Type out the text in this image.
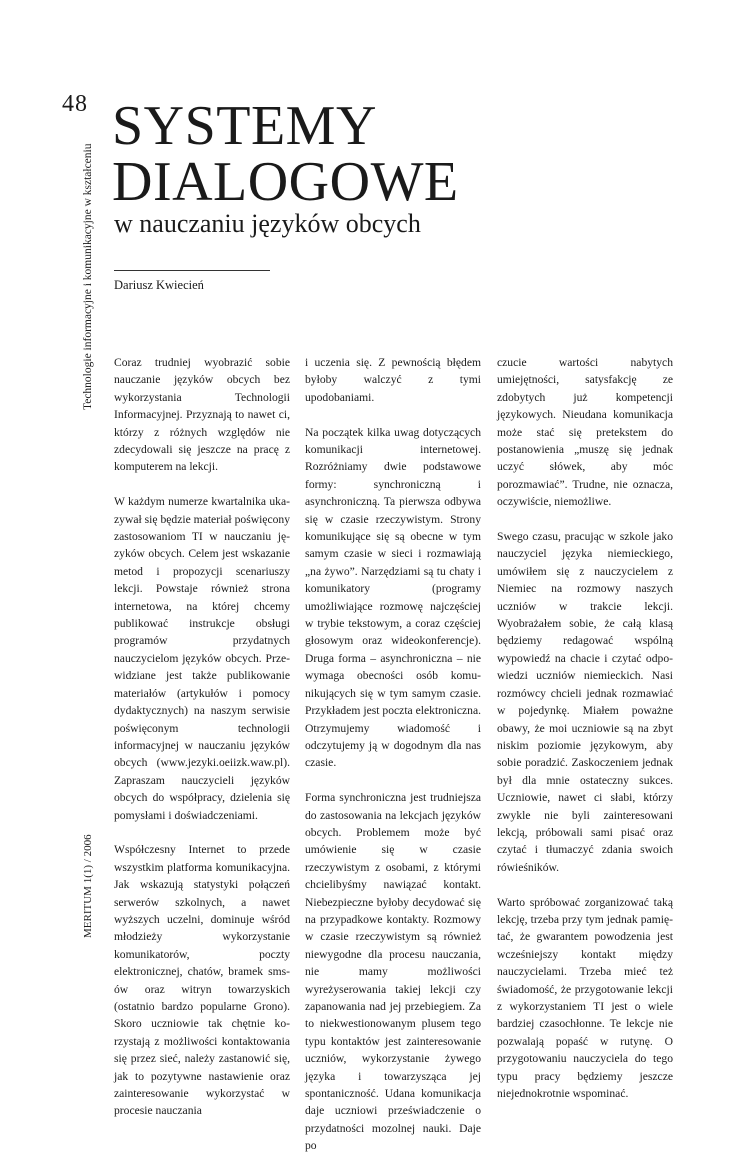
48
Technologie informacyjne i komunikacyjne w kształceniu
MERITUM 1(1) / 2006
SYSTEMY
DIALOGOWE
w nauczaniu języków obcych
Dariusz Kwiecień

Coraz trudniej wyobrazić sobie nauczanie języków obcych bez wykorzystania Technologii Informacyjnej. Przyznają to nawet ci, którzy z różnych względów nie zdecydowali się jeszcze na pracę z komputerem na lekcji.

W każdym numerze kwartalnika ukazywał się będzie materiał poświęcony zastosowaniom TI w nauczaniu języków obcych. Celem jest wskazanie metod i propozycji scenariuszy lekcji. Powstaje również strona internetowa, na której chcemy publikować instrukcje obsługi programów przydatnych nauczycielom języków obcych. Przewidziane jest także publikowanie materiałów (artykułów i pomocy dydaktycznych) na naszym serwisie poświęconym technologii informacyjnej w nauczaniu języków obcych (www.jezyki.oeiizk.waw.pl). Zapraszam nauczycieli języków obcych do współpracy, dzielenia się pomysłami i doświadczeniami.

Współczesny Internet to przede wszystkim platforma komunikacyjna. Jak wskazują statystyki połączeń serwerów szkolnych, a nawet wyższych uczelni, dominuje wśród młodzieży wykorzystanie komunikatorów, poczty elektronicznej, chatów, bramek sms-ów oraz witryn towarzyskich (ostatnio bardzo popularne Grono). Skoro uczniowie tak chętnie korzystają z możliwości kontaktowania się przez sieć, należy zastanowić się, jak to pozytywne nastawienie oraz zainteresоwanie wykorzystać w procesie nauczania

i uczenia się. Z pewnością błędem byłoby walczyć z tymi upodobaniami.

Na początek kilka uwag dotyczących komunikacji internetowej. Rozróżniamy dwie podstawowe formy: synchroniczną i asynchroniczną. Ta pierwsza odbywa się w czasie rzeczywistym. Strony komunikujące się są obecne w tym samym czasie w sieci i rozmawiają „na żywo”. Narzędziami są tu chaty i komunikatory (programy umożliwiające rozmowę najczęściej w trybie tekstowym, a coraz częściej głosowym oraz wideokonferencje). Druga forma – asynchroniczna – nie wymaga obecności osób komunikujących się w tym samym czasie. Przykładem jest poczta elektroniczna. Otrzymujemy wiadomość i odczytujemy ją w dogodnym dla nas czasie.

Forma synchroniczna jest trudniejsza do zastosowania na lekcjach języków obcych. Problemem może być umówienie się w czasie rzeczywistym z osobami, z którymi chcielibyśmy nawiązać kontakt. Niebezpieczne byłoby decydować się na przypadkowe kontakty. Rozmowy w czasie rzeczywistym są również niewygodne dla procesu nauczania, nie mamy możliwości wyreżyserowania takiej lekcji czy zapanowania nad jej przebiegiem. Za to niekwestionowanym plusem tego typu kontaktów jest zainteresowanie uczniów, wykorzystanie żywego języka i towarzysząca jej spontaniczność. Udana komunikacja daje uczniowi przeświadczenie o przydatności mozolnej nauki. Daje po

czucie wartości nabytych umiejętności, satysfakcję ze zdobytych już kompetencji językowych. Nieudana komunikacja może stać się pretekstem do postanowienia „muszę się jednak uczyć słówek, aby móc porozmawiać”. Trudne, nie oznacza, oczywiście, niemożliwe.

Swego czasu, pracując w szkole jako nauczyciel języka niemieckiego, umówiłem się z nauczycielem z Niemiec na rozmowy naszych uczniów w trakcie lekcji. Wyobrażałem sobie, że całą klasą będziemy redagować wspólną wypowiedź na chacie i czytać odpowiedzi uczniów niemieckich. Nasi rozmówcy chcieli jednak rozmawiać w pojedynkę. Miałem poważne obawy, że moi uczniowie są na zbyt niskim poziomie językowym, aby sobie poradzić. Zaskoczeniem jednak był dla mnie ostateczny sukces. Uczniowie, nawet ci słabi, którzy zwykle nie byli zainteresowani lekcją, próbowali sami pisać oraz czytać i tłumaczyć zdania swoich rówieśników.

Warto spróbować zorganizować taką lekcję, trzeba przy tym jednak pamiętać, że gwarantem powodzenia jest wcześniejszy kontakt między nauczycielami. Trzeba mieć też świadomość, że przygotowanie lekcji z wykorzystaniem TI jest o wiele bardziej czasochłonne. Te lekcje nie pozwalają popaść w rutynę. O przygotowaniu nauczyciela do tego typu pracy będziemy jeszcze niejednokrotnie wspominać.
